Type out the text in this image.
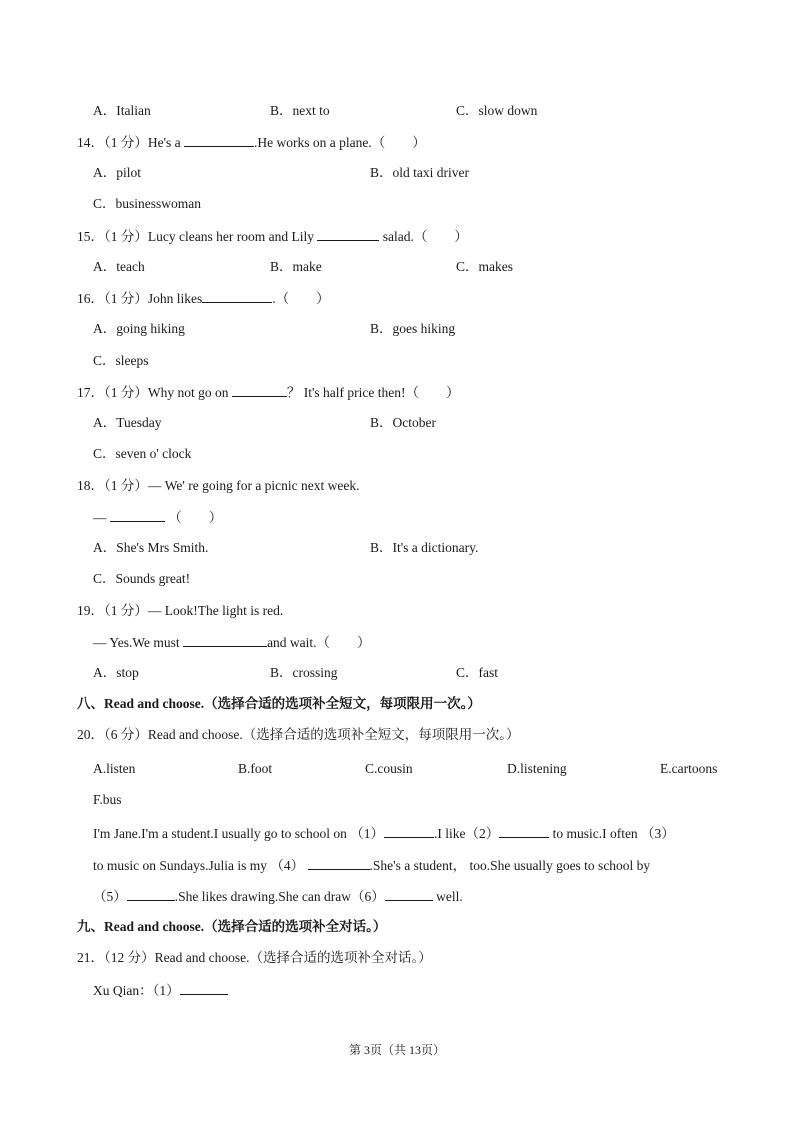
A．Italian	B．next to	C．slow down
14．（1 分）He's a	.He works on a plane.（　　）
A．pilot	B．old taxi driver
C．businesswoman
15．（1 分）Lucy cleans her room and Lily	salad.（　　）
A．teach	B．make	C．makes
16．（1 分）John likes	.（　　）
A．going hiking	B．goes hiking
C．sleeps
17．（1 分）Why not go on	？ It's half price then!（　　）
A．Tuesday	B．October
C．seven o' clock
18．（1 分）— We' re going for a picnic next week.
—	（　　）
A．She's Mrs Smith.	B．It's a dictionary.
C．Sounds great!
19．（1 分）— Look!The light is red.
— Yes.We must	and wait.（　　）
A．stop	B．crossing	C．fast
八、Read and choose.（选择合适的选项补全短文，每项限用一次。）
20．（6 分）Read and choose.（选择合适的选项补全短文，每项限用一次。）
A.listen	B.foot	C.cousin	D.listening	E.cartoons
F.bus
I'm Jane.I'm a student.I usually go to school on （1）	.I like（2）	to music.I often （3）
to music on Sundays.Julia is my （4）	.She's a student， too.She usually goes to school by
（5）	.She likes drawing.She can draw（6）	well.
九、Read and choose.（选择合适的选项补全对话。）
21．（12 分）Read and choose.（选择合适的选项补全对话。）
Xu Qian：（1）
第 3页（共 13页）
